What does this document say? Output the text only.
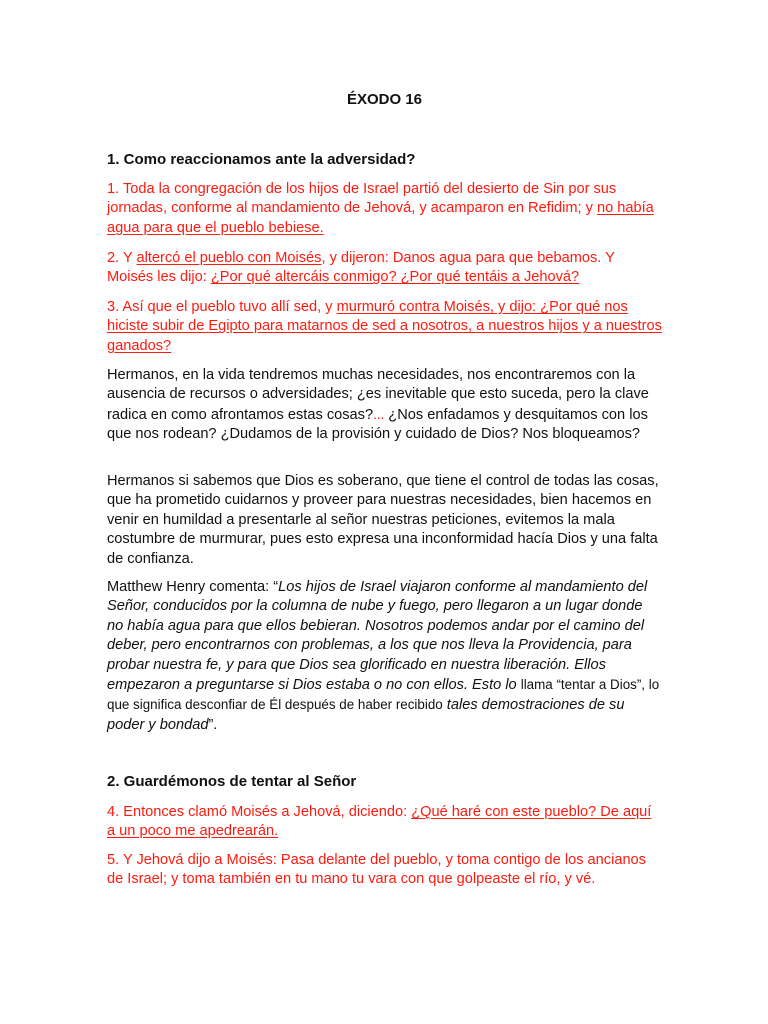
ÉXODO 16
1. Como reaccionamos ante la adversidad?

1. Toda la congregación de los hijos de Israel partió del desierto de Sin por sus jornadas, conforme al mandamiento de Jehová, y acamparon en Refidim; y no había agua para que el pueblo bebiese.

2. Y altercó el pueblo con Moisés, y dijeron: Danos agua para que bebamos. Y Moisés les dijo: ¿Por qué altercáis conmigo? ¿Por qué tentáis a Jehová?

3. Así que el pueblo tuvo allí sed, y murmuró contra Moisés, y dijo: ¿Por qué nos hiciste subir de Egipto para matarnos de sed a nosotros, a nuestros hijos y a nuestros ganados?

Hermanos, en la vida tendremos muchas necesidades, nos encontraremos con la ausencia de recursos o adversidades; ¿es inevitable que esto suceda, pero la clave radica en como afrontamos estas cosas?... ¿Nos enfadamos y desquitamos con los que nos rodean? ¿Dudamos de la provisión y cuidado de Dios? Nos bloqueamos?

Hermanos si sabemos que Dios es soberano, que tiene el control de todas las cosas, que ha prometido cuidarnos y proveer para nuestras necesidades, bien hacemos en venir en humildad a presentarle al señor nuestras peticiones, evitemos la mala costumbre de murmurar, pues esto expresa una inconformidad hacía Dios y una falta de confianza.

Matthew Henry comenta: “Los hijos de Israel viajaron conforme al mandamiento del Señor, conducidos por la columna de nube y fuego, pero llegaron a un lugar donde no había agua para que ellos bebieran. Nosotros podemos andar por el camino del deber, pero encontrarnos con problemas, a los que nos lleva la Providencia, para probar nuestra fe, y para que Dios sea glorificado en nuestra liberación. Ellos empezaron a preguntarse si Dios estaba o no con ellos. Esto lo llama “tentar a Dios”, lo que significa desconfiar de Él después de haber recibido tales demostraciones de su poder y bondad”.

2. Guardémonos de tentar al Señor

4. Entonces clamó Moisés a Jehová, diciendo: ¿Qué haré con este pueblo? De aquí a un poco me apedrearán.

5. Y Jehová dijo a Moisés: Pasa delante del pueblo, y toma contigo de los ancianos de Israel; y toma también en tu mano tu vara con que golpeaste el río, y vé.
